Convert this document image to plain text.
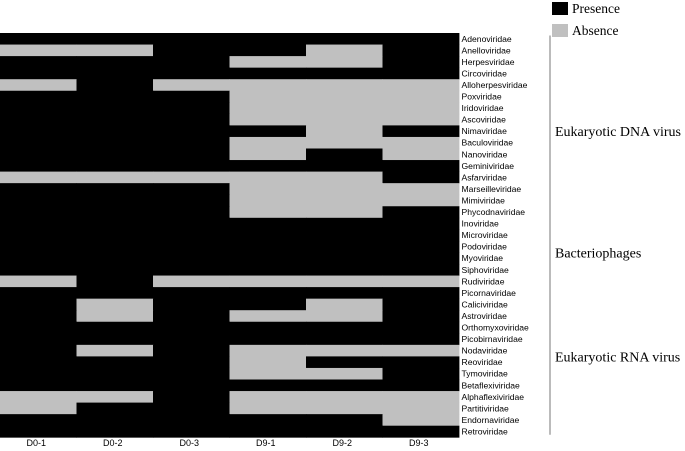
Adenoviridae
Anelloviridae
Herpesviridae
Circoviridae
Alloherpesviridae
Poxviridae
Iridoviridae
Ascoviridae
Nimaviridae
Baculoviridae
Nanoviridae
Geminiviridae
Asfarviridae
Marseilleviridae
Mimiviridae
Phycodnaviridae
Inoviridae
Microviridae
Podoviridae
Myoviridae
Siphoviridae
Rudiviridae
Picornaviridae
Caliciviridae
Astroviridae
Orthomyxoviridae
Picobirnaviridae
Nodaviridae
Reoviridae
Tymoviridae
Betaflexiviridae
Alphaflexiviridae
Partitiviridae
Endornaviridae
Retroviridae
D0-1	D0-2	D0-3	D9-1	D9-2	D9-3
Presence
Absence
Eukaryotic DNA virus
Bacteriophages
Eukaryotic RNA virus
